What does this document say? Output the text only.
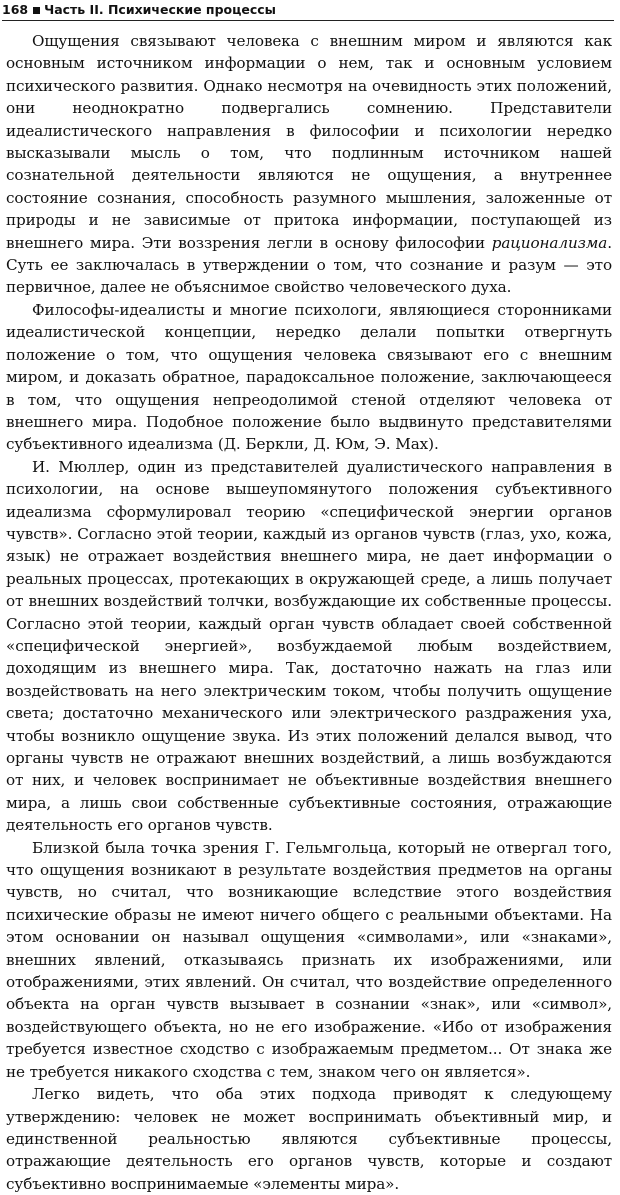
168 Часть II. Психические процессы

Ощущения связывают человека с внешним миром и являются как основным источником информации о нем, так и основным условием психического развития. Однако несмотря на очевидность этих положений, они неоднократно подвергались сомнению. Представители идеалистического направления в философии и психологии нередко высказывали мысль о том, что подлинным источником нашей сознательной деятельности являются не ощущения, а внутреннее состояние сознания, способность разумного мышления, заложенные от природы и не зависимые от притока информации, поступающей из внешнего мира. Эти воззрения легли в основу философии рационализма. Суть ее заключалась в утверждении о том, что сознание и разум — это первичное, далее не объяснимое свойство человеческого духа.

Философы-идеалисты и многие психологи, являющиеся сторонниками идеалистической концепции, нередко делали попытки отвергнуть положение о том, что ощущения человека связывают его с внешним миром, и доказать обратное, парадоксальное положение, заключающееся в том, что ощущения непреодолимой стеной отделяют человека от внешнего мира. Подобное положение было выдвинуто представителями субъективного идеализма (Д. Беркли, Д. Юм, Э. Мах).

И. Мюллер, один из представителей дуалистического направления в психологии, на основе вышеупомянутого положения субъективного идеализма сформулировал теорию «специфической энергии органов чувств». Согласно этой теории, каждый из органов чувств (глаз, ухо, кожа, язык) не отражает воздействия внешнего мира, не дает информации о реальных процессах, протекающих в окружающей среде, а лишь получает от внешних воздействий толчки, возбуждающие их собственные процессы. Согласно этой теории, каждый орган чувств обладает своей собственной «специфической энергией», возбуждаемой любым воздействием, доходящим из внешнего мира. Так, достаточно нажать на глаз или воздействовать на него электрическим током, чтобы получить ощущение света; достаточно механического или электрического раздражения уха, чтобы возникло ощущение звука. Из этих положений делался вывод, что органы чувств не отражают внешних воздействий, а лишь возбуждаются от них, и человек воспринимает не объективные воздействия внешнего мира, а лишь свои собственные субъективные состояния, отражающие деятельность его органов чувств.

Близкой была точка зрения Г. Гельмгольца, который не отвергал того, что ощущения возникают в результате воздействия предметов на органы чувств, но считал, что возникающие вследствие этого воздействия психические образы не имеют ничего общего с реальными объектами. На этом основании он называл ощущения «символами», или «знаками», внешних явлений, отказываясь признать их изображениями, или отображениями, этих явлений. Он считал, что воздействие определенного объекта на орган чувств вызывает в сознании «знак», или «символ», воздействующего объекта, но не его изображение. «Ибо от изображения требуется известное сходство с изображаемым предметом... От знака же не требуется никакого сходства с тем, знаком чего он является».

Легко видеть, что оба этих подхода приводят к следующему утверждению: человек не может воспринимать объективный мир, и единственной реальностью являются субъективные процессы, отражающие деятельность его органов чувств, которые и создают субъективно воспринимаемые «элементы мира».
